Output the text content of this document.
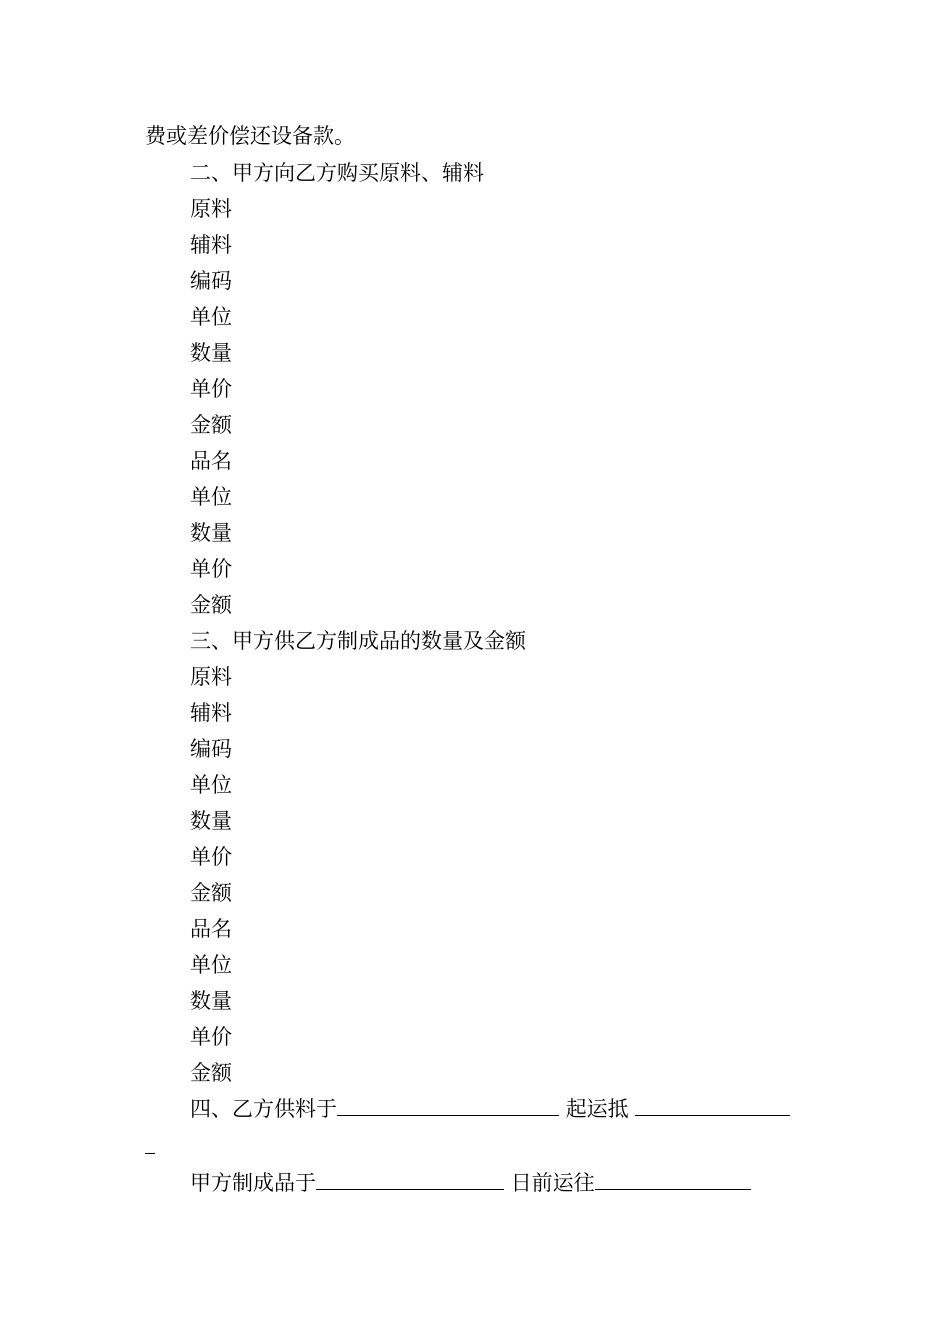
费或差价偿还设备款。
二、甲方向乙方购买原料、辅料
原料
辅料
编码
单位
数量
单价
金额
品名
单位
数量
单价
金额
三、甲方供乙方制成品的数量及金额
原料
辅料
编码
单位
数量
单价
金额
品名
单位
数量
单价
金额
四、乙方供料于	起运抵
甲方制成品于	日前运往
